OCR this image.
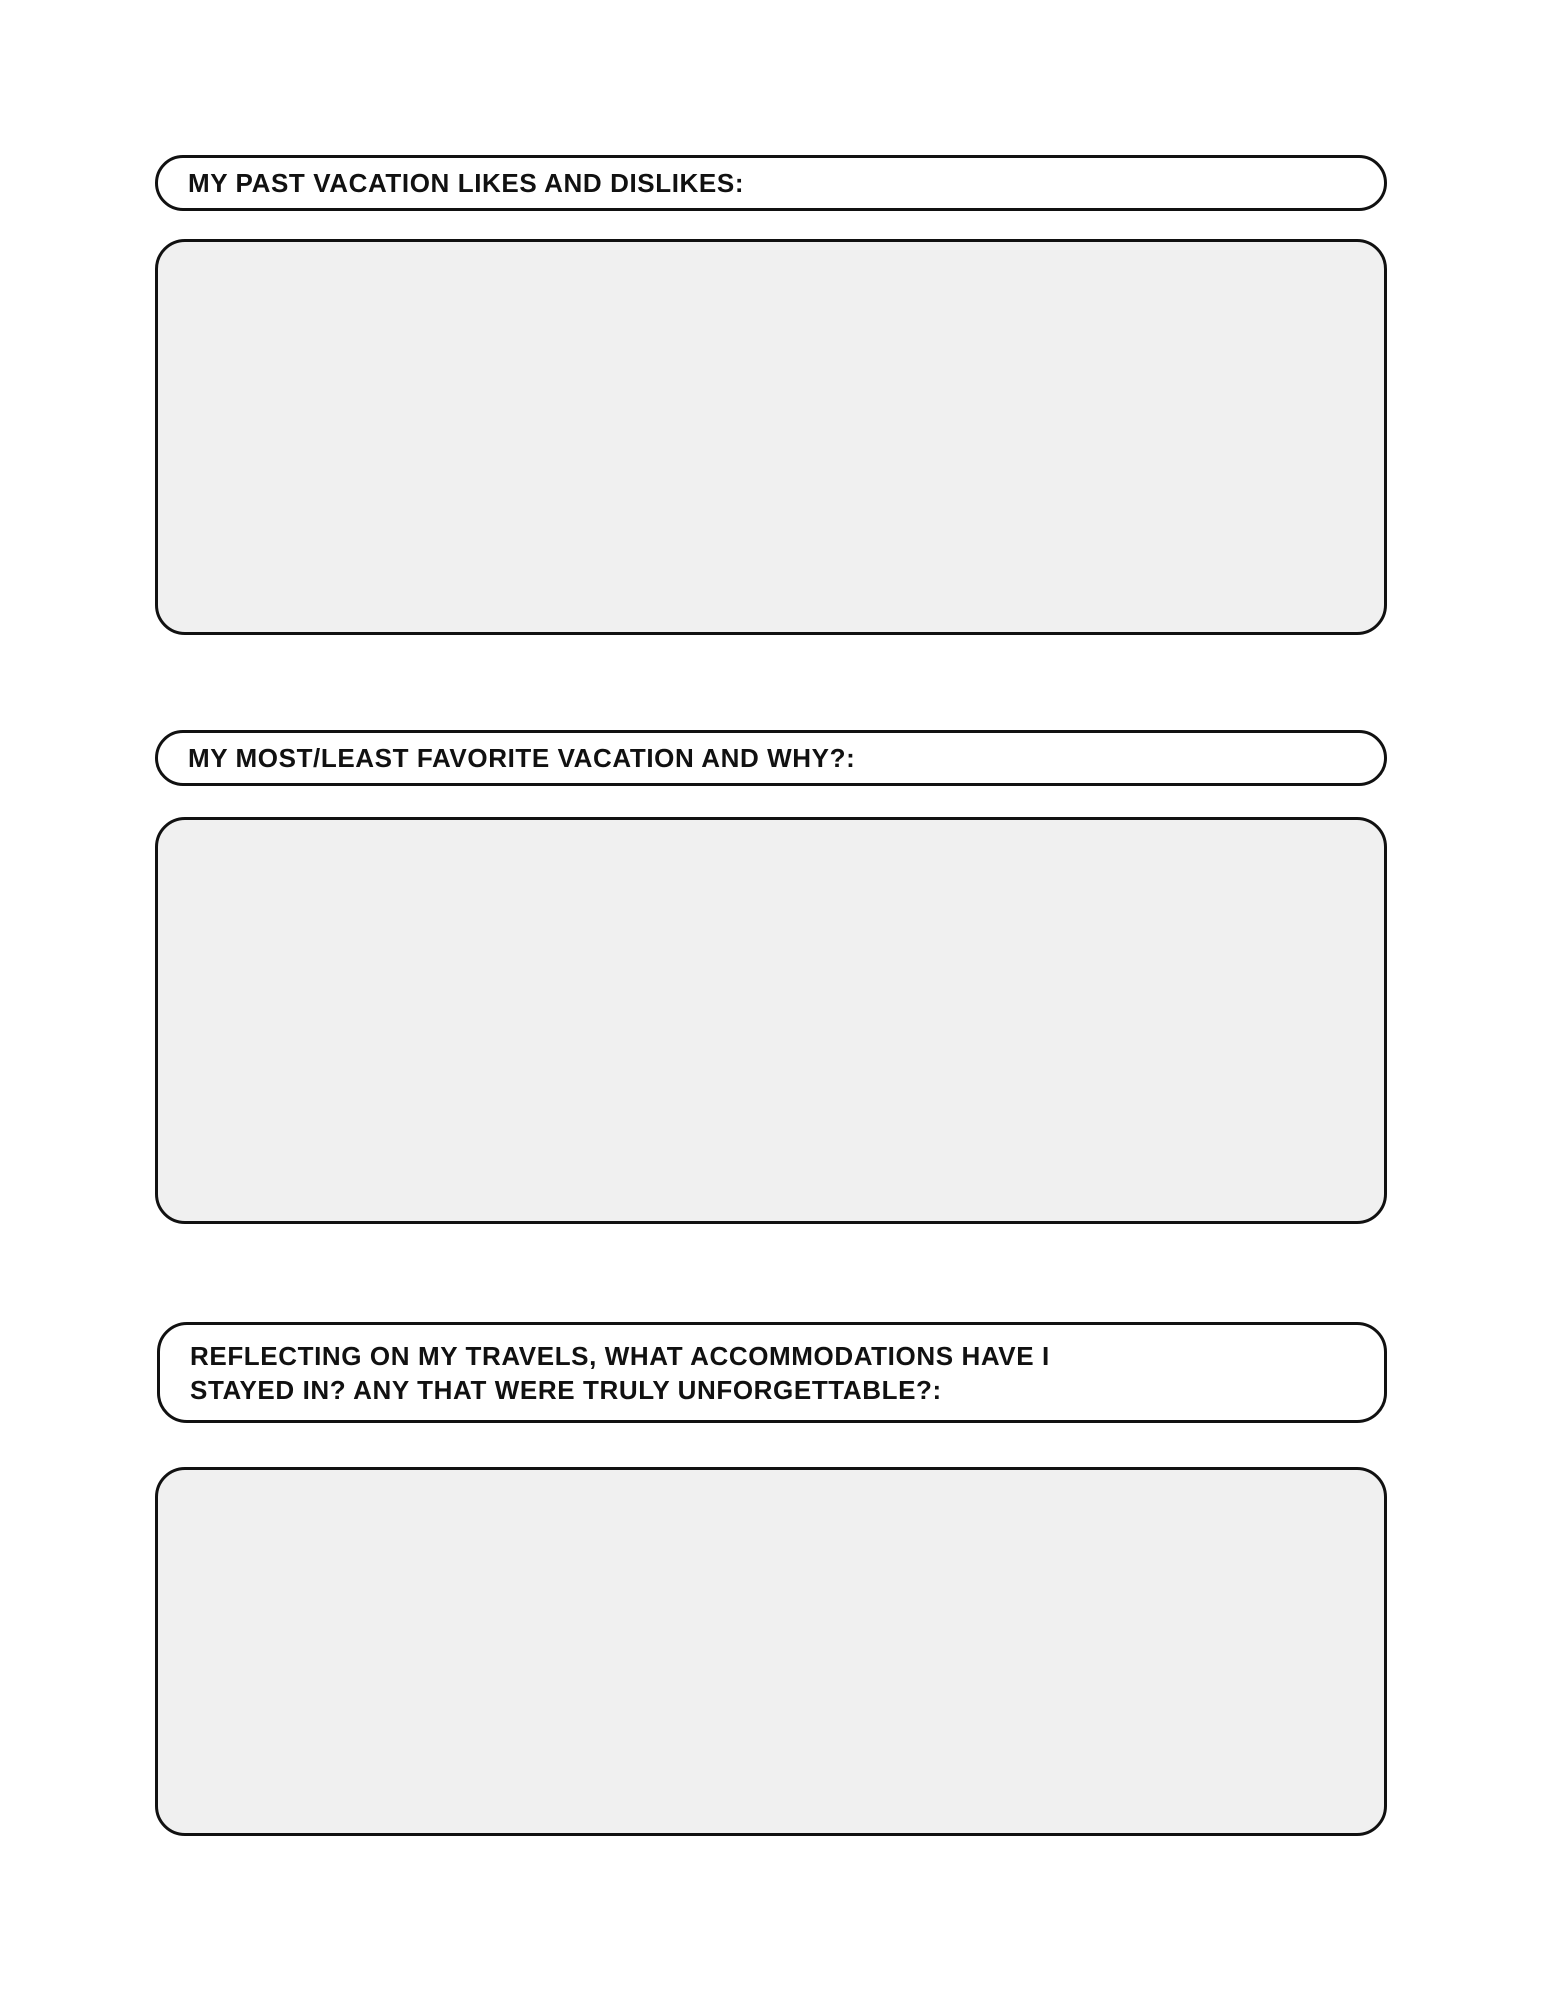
MY PAST VACATION LIKES AND DISLIKES:
MY MOST/LEAST FAVORITE VACATION AND WHY?:
REFLECTING ON MY TRAVELS, WHAT ACCOMMODATIONS HAVE I
STAYED IN? ANY THAT WERE TRULY UNFORGETTABLE?:
